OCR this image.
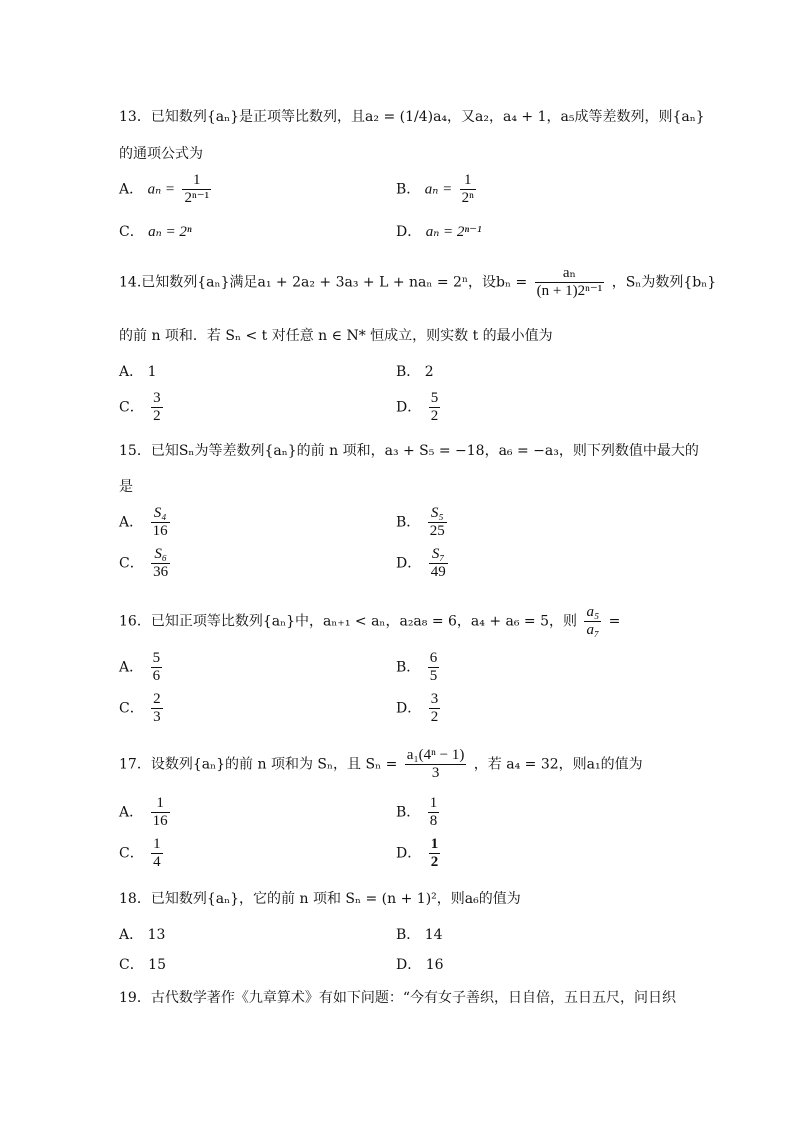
13．已知数列{aₙ}是正项等比数列，且a₂ = (1/4)a₄，又a₂，a₄ + 1，a₅成等差数列，则{aₙ}
的通项公式为
A． $a_n = \frac{1}{\text{2ⁿ⁻¹}}$	B． $a_n = \frac{1}{\text{2ⁿ}}$
C． aₙ = 2ⁿ	D． aₙ = 2ⁿ⁻¹
14.已知数列{aₙ}满足a₁ + 2a₂ + 3a₃ + L + naₙ = 2ⁿ，设$b_n = \frac{\text{aₙ}}{\text{(n + 1)2ⁿ⁻¹}}$ ，Sₙ为数列{bₙ}
的前 n 项和．若 Sₙ < t 对任意 n ∈ N* 恒成立，则实数 t 的最小值为
A． 1	B． 2
C． $\frac{3}{2}$	D． $\frac{5}{2}$
15．已知Sₙ为等差数列{aₙ}的前 n 项和，a₃ + S₅ = −18，a₆ = −a₃，则下列数值中最大的
是
A． $\frac{\text{S₄}}{16}$	B． $\frac{\text{S₅}}{25}$
C． $\frac{\text{S₆}}{36}$	D． $\frac{\text{S₇}}{49}$
16．已知正项等比数列{aₙ}中，aₙ₊₁ < aₙ，a₂a₈ = 6，a₄ + a₆ = 5，则 $\frac{\text{a₅}}{\text{a₇}}$ =
A． $\frac{5}{6}$	B． $\frac{6}{5}$
C． $\frac{2}{3}$	D． $\frac{3}{2}$
17．设数列{aₙ}的前 n 项和为 Sₙ，且 $S_n = \frac{\text{a₁(4ⁿ − 1)}}{3}$ ，若 a₄ = 32，则a₁的值为
A． $\frac{1}{16}$	B． $\frac{1}{8}$
C． $\frac{1}{4}$	D． $\frac{1}{2}$
18．已知数列{aₙ}，它的前 n 项和 Sₙ = (n + 1)²，则a₆的值为
A． 13	B． 14
C． 15	D． 16
19．古代数学著作《九章算术》有如下问题：“今有女子善织，日自倍，五日五尺，问日织
